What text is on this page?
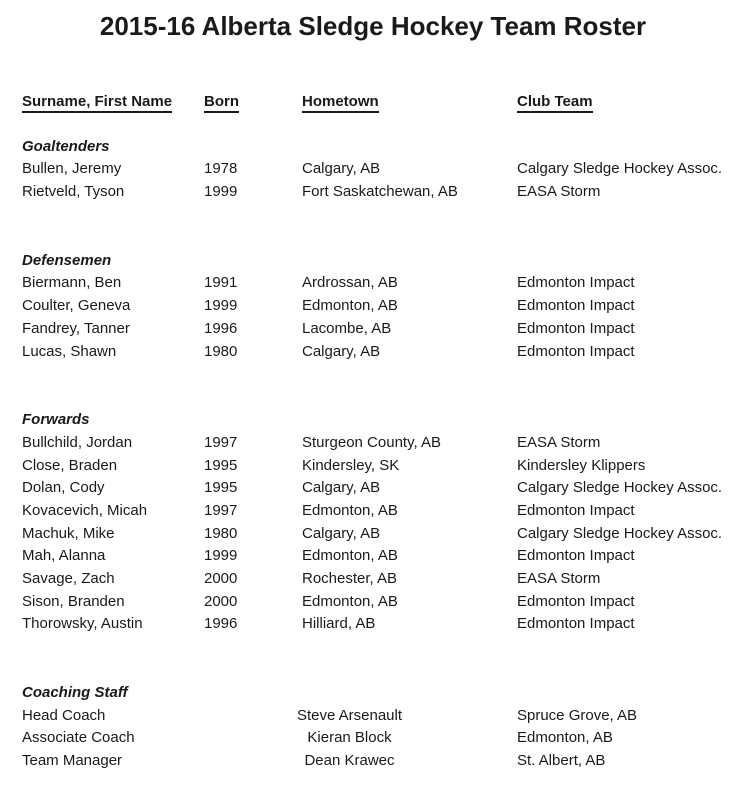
2015-16 Alberta Sledge Hockey Team Roster
Surname, First Name	Born	Hometown	Club Team
Goaltenders
Bullen, Jeremy	1978	Calgary, AB	Calgary Sledge Hockey Assoc.
Rietveld, Tyson	1999	Fort Saskatchewan, AB	EASA Storm
Defensemen
Biermann, Ben	1991	Ardrossan, AB	Edmonton Impact
Coulter, Geneva	1999	Edmonton, AB	Edmonton Impact
Fandrey, Tanner	1996	Lacombe, AB	Edmonton Impact
Lucas, Shawn	1980	Calgary, AB	Edmonton Impact
Forwards
Bullchild, Jordan	1997	Sturgeon County, AB	EASA Storm
Close, Braden	1995	Kindersley, SK	Kindersley Klippers
Dolan, Cody	1995	Calgary, AB	Calgary Sledge Hockey Assoc.
Kovacevich, Micah	1997	Edmonton, AB	Edmonton Impact
Machuk, Mike	1980	Calgary, AB	Calgary Sledge Hockey Assoc.
Mah, Alanna	1999	Edmonton, AB	Edmonton Impact
Savage, Zach	2000	Rochester, AB	EASA Storm
Sison, Branden	2000	Edmonton, AB	Edmonton Impact
Thorowsky, Austin	1996	Hilliard, AB	Edmonton Impact
Coaching Staff
Head Coach	Steve Arsenault	Spruce Grove, AB
Associate Coach	Kieran Block	Edmonton, AB
Team Manager	Dean Krawec	St. Albert, AB
